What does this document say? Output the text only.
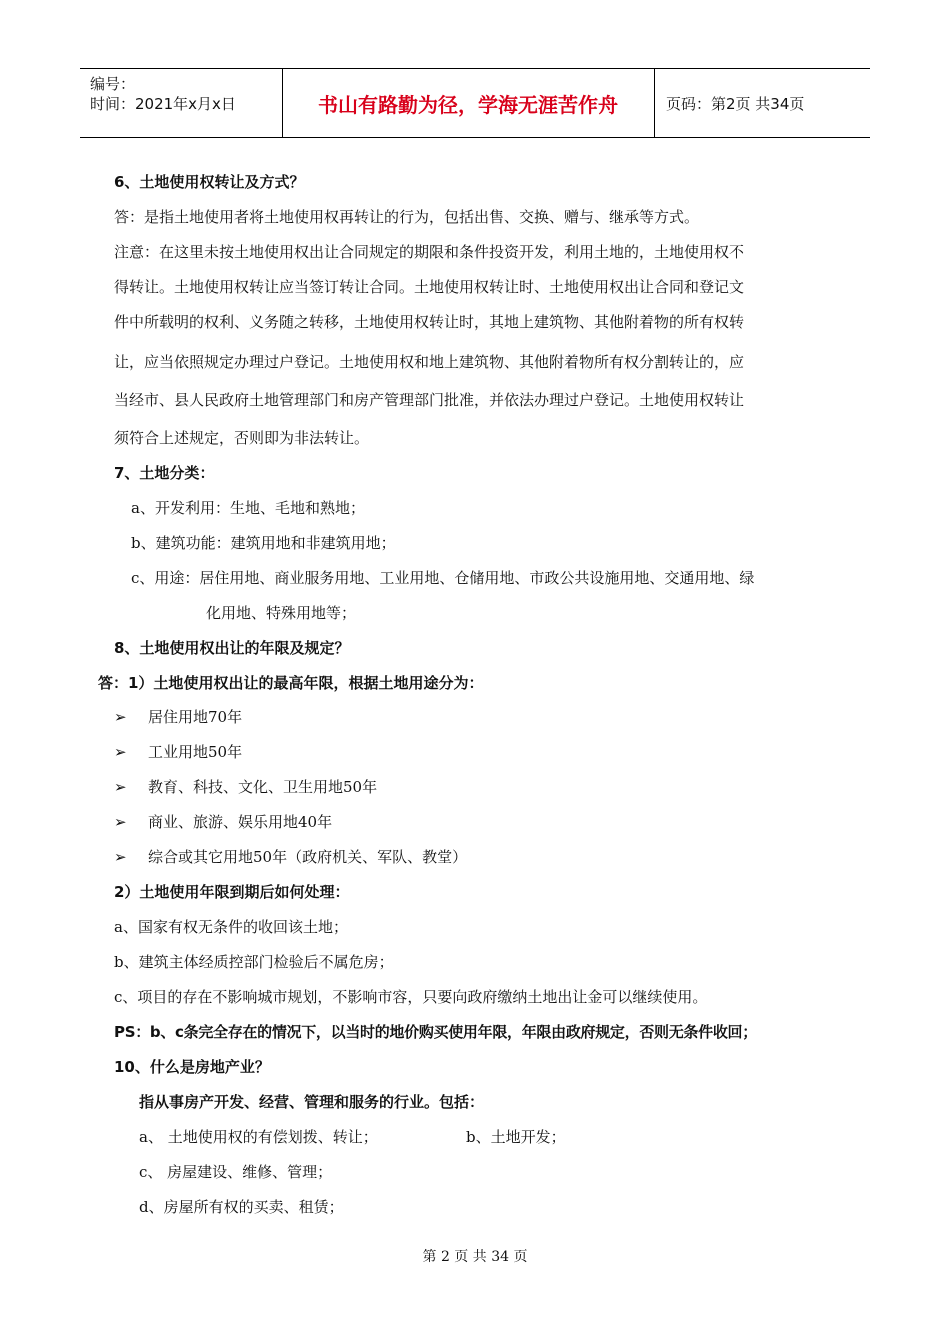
编号：
时间：2021年x月x日	书山有路勤为径，学海无涯苦作舟	页码：第2页 共34页
6、土地使用权转让及方式？
答：是指土地使用者将土地使用权再转让的行为，包括出售、交换、赠与、继承等方式。
注意：在这里未按土地使用权出让合同规定的期限和条件投资开发，利用土地的，土地使用权不
得转让。土地使用权转让应当签订转让合同。土地使用权转让时、土地使用权出让合同和登记文
件中所载明的权利、义务随之转移，土地使用权转让时，其地上建筑物、其他附着物的所有权转
让，应当依照规定办理过户登记。土地使用权和地上建筑物、其他附着物所有权分割转让的，应
当经市、县人民政府土地管理部门和房产管理部门批准，并依法办理过户登记。土地使用权转让
须符合上述规定，否则即为非法转让。
7、土地分类：
a、开发利用：生地、毛地和熟地；
b、建筑功能：建筑用地和非建筑用地；
c、用途：居住用地、商业服务用地、工业用地、仓储用地、市政公共设施用地、交通用地、绿
化用地、特殊用地等；
8、土地使用权出让的年限及规定？
答：1）土地使用权出让的最高年限，根据土地用途分为：
➢ 居住用地70年
➢ 工业用地50年
➢ 教育、科技、文化、卫生用地50年
➢ 商业、旅游、娱乐用地40年
➢ 综合或其它用地50年（政府机关、军队、教堂）
2）土地使用年限到期后如何处理：
a、国家有权无条件的收回该土地；
b、建筑主体经质控部门检验后不属危房；
c、项目的存在不影响城市规划，不影响市容，只要向政府缴纳土地出让金可以继续使用。
PS：b、c条完全存在的情况下，以当时的地价购买使用年限，年限由政府规定，否则无条件收回；
10、什么是房地产业？
指从事房产开发、经营、管理和服务的行业。包括：
a、 土地使用权的有偿划拨、转让；	b、土地开发；
c、 房屋建设、维修、管理；
d、房屋所有权的买卖、租赁；
第 2 页 共 34 页
